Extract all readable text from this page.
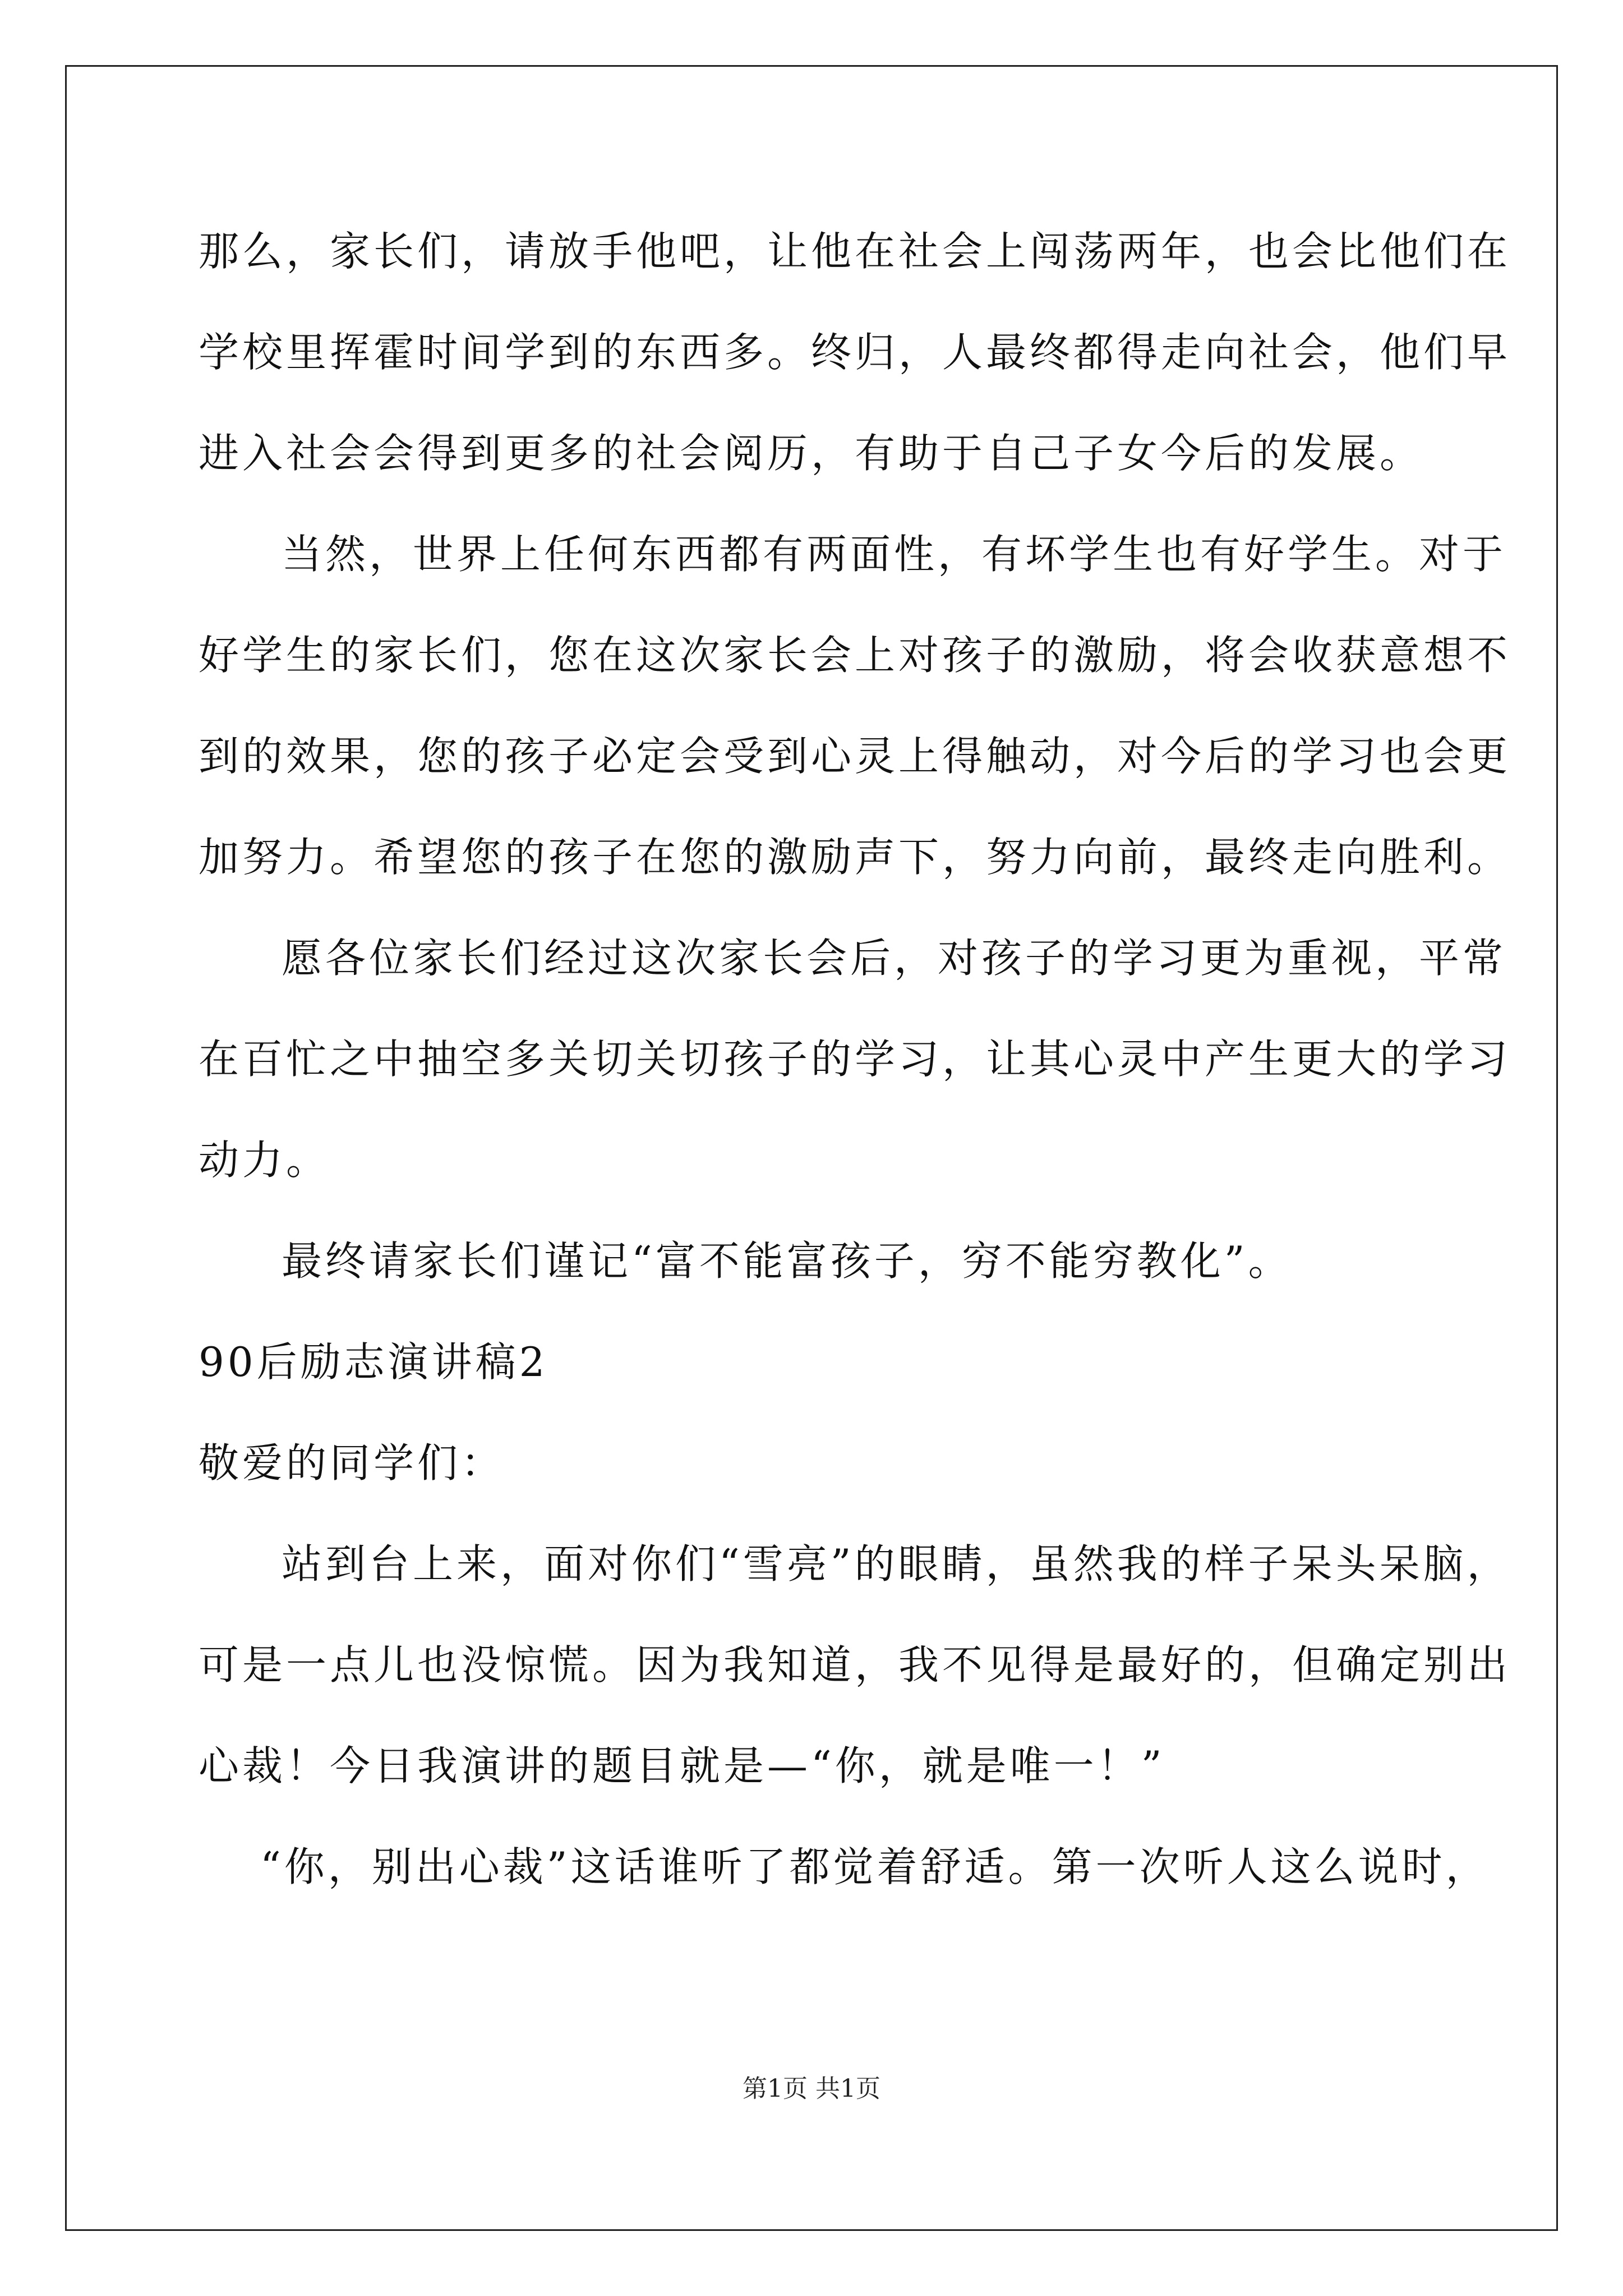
那么，家长们，请放手他吧，让他在社会上闯荡两年，也会比他们在
学校里挥霍时间学到的东西多。终归，人最终都得走向社会，他们早
进入社会会得到更多的社会阅历，有助于自己子女今后的发展。
当然，世界上任何东西都有两面性，有坏学生也有好学生。对于
好学生的家长们，您在这次家长会上对孩子的激励，将会收获意想不
到的效果，您的孩子必定会受到心灵上得触动，对今后的学习也会更
加努力。希望您的孩子在您的激励声下，努力向前，最终走向胜利。
愿各位家长们经过这次家长会后，对孩子的学习更为重视，平常
在百忙之中抽空多关切关切孩子的学习，让其心灵中产生更大的学习
动力。
最终请家长们谨记“富不能富孩子，穷不能穷教化”。
90后励志演讲稿2
敬爱的同学们：
站到台上来，面对你们“雪亮”的眼睛，虽然我的样子呆头呆脑，
可是一点儿也没惊慌。因为我知道，我不见得是最好的，但确定别出
心裁！今日我演讲的题目就是—“你，就是唯一！”
“你，别出心裁”这话谁听了都觉着舒适。第一次听人这么说时，
第1页 共1页
